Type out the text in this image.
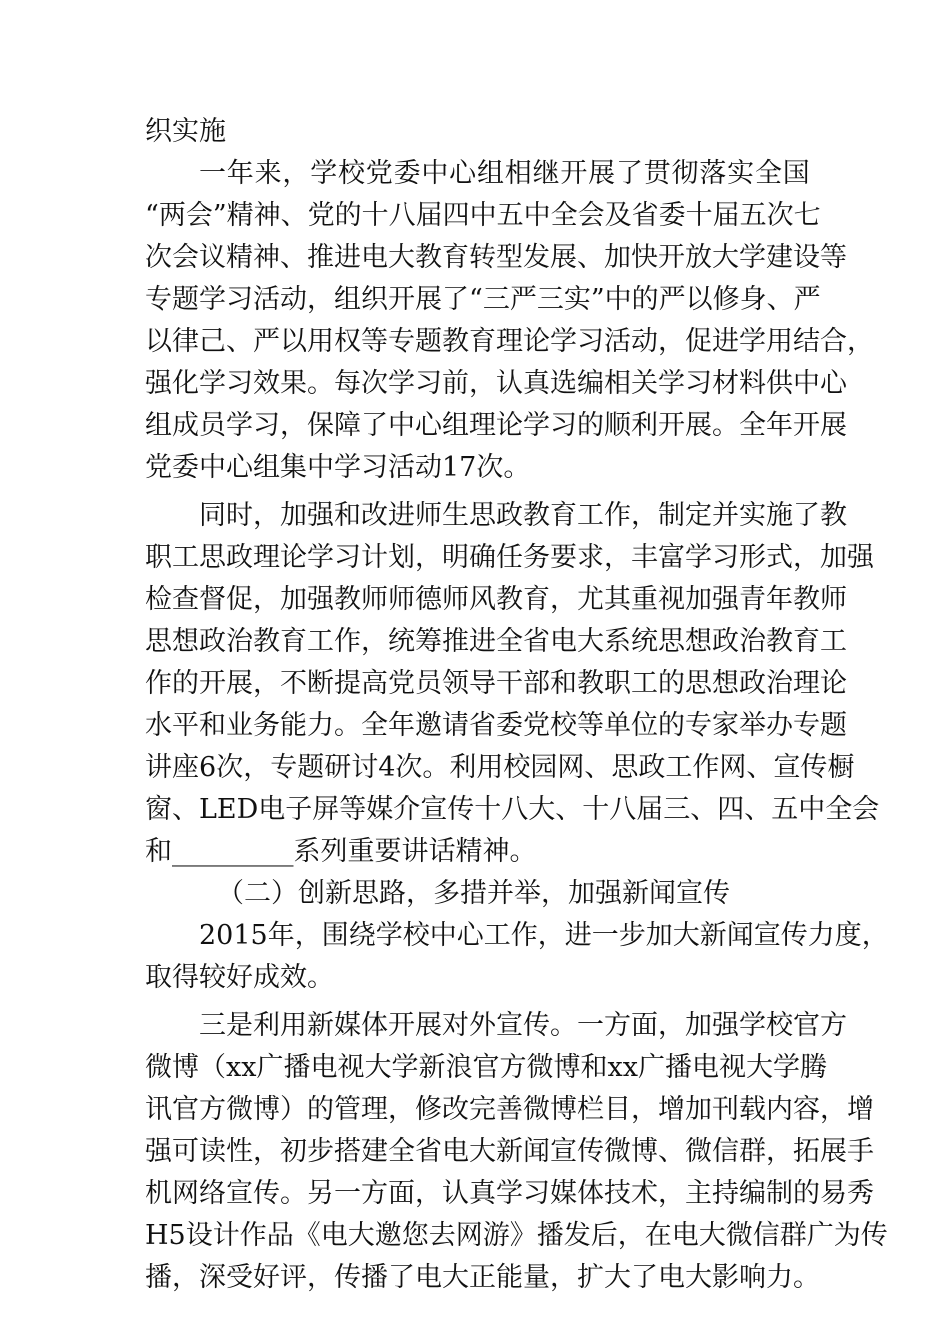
织实施
一 年 来 ， 学 校 党 委 中 心 组 相 继 开 展 了 贯 彻 落 实 全 国
“ 两 会 ” 精 神 、 党 的 十 八 届 四 中 五 中 全 会 及 省 委 十 届 五 次 七
次 会 议 精 神 、 推 进 电 大 教 育 转 型 发 展 、 加 快 开 放 大 学 建 设 等
专 题 学 习 活 动 ， 组 织 开 展 了 “ 三 严 三 实 ” 中 的 严 以 修 身 、 严
以 律 己 、 严 以 用 权 等 专 题 教 育 理 论 学 习 活 动 ， 促 进 学 用 结 合 ，
强 化 学 习 效 果 。 每 次 学 习 前 ， 认 真 选 编 相 关 学 习 材 料 供 中 心
组 成 员 学 习 ， 保 障 了 中 心 组 理 论 学 习 的 顺 利 开 展 。 全 年 开 展
党委中心组集中学习活动17次。
同 时 ， 加 强 和 改 进 师 生 思 政 教 育 工 作 ， 制 定 并 实 施 了 教
职 工 思 政 理 论 学 习 计 划 ， 明 确 任 务 要 求 ， 丰 富 学 习 形 式 ， 加 强
检 查 督 促 ， 加 强 教 师 师 德 师 风 教 育 ， 尤 其 重 视 加 强 青 年 教 师
思 想 政 治 教 育 工 作 ， 统 筹 推 进 全 省 电 大 系 统 思 想 政 治 教 育 工
作 的 开 展 ， 不 断 提 高 党 员 领 导 干 部 和 教 职 工 的 思 想 政 治 理 论
水 平 和 业 务 能 力 。 全 年 邀 请 省 委 党 校 等 单 位 的 专 家 举 办 专 题
讲 座 6 次 ， 专 题 研 讨 4 次 。 利 用 校 园 网 、 思 政 工 作 网 、 宣 传 橱
窗 、 LED 电 子 屏 等 媒 介 宣 传 十 八 大 、 十 八 届 三 、 四 、 五 中 全 会
和_________系列重要讲话精神。
（二）创新思路，多措并举，加强新闻宣传
2015 年 ， 围 绕 学 校 中 心 工 作 ， 进 一 步 加 大 新 闻 宣 传 力 度 ，
取得较好成效。
三 是 利 用 新 媒 体 开 展 对 外 宣 传 。 一 方 面 ， 加 强 学 校 官 方
微 博 （ xx 广 播 电 视 大 学 新 浪 官 方 微 博 和 xx 广 播 电 视 大 学 腾
讯 官 方 微 博 ） 的 管 理 ， 修 改 完 善 微 博 栏 目 ， 增 加 刊 载 内 容 ， 增
强 可 读 性 ， 初 步 搭 建 全 省 电 大 新 闻 宣 传 微 博 、 微 信 群 ， 拓 展 手
机 网 络 宣 传 。 另 一 方 面 ， 认 真 学 习 媒 体 技 术 ， 主 持 编 制 的 易 秀
H5 设 计 作 品 《 电 大 邀 您 去 网 游 》 播 发 后 ， 在 电 大 微 信 群 广 为 传
播，深受好评，传播了电大正能量，扩大了电大影响力。
